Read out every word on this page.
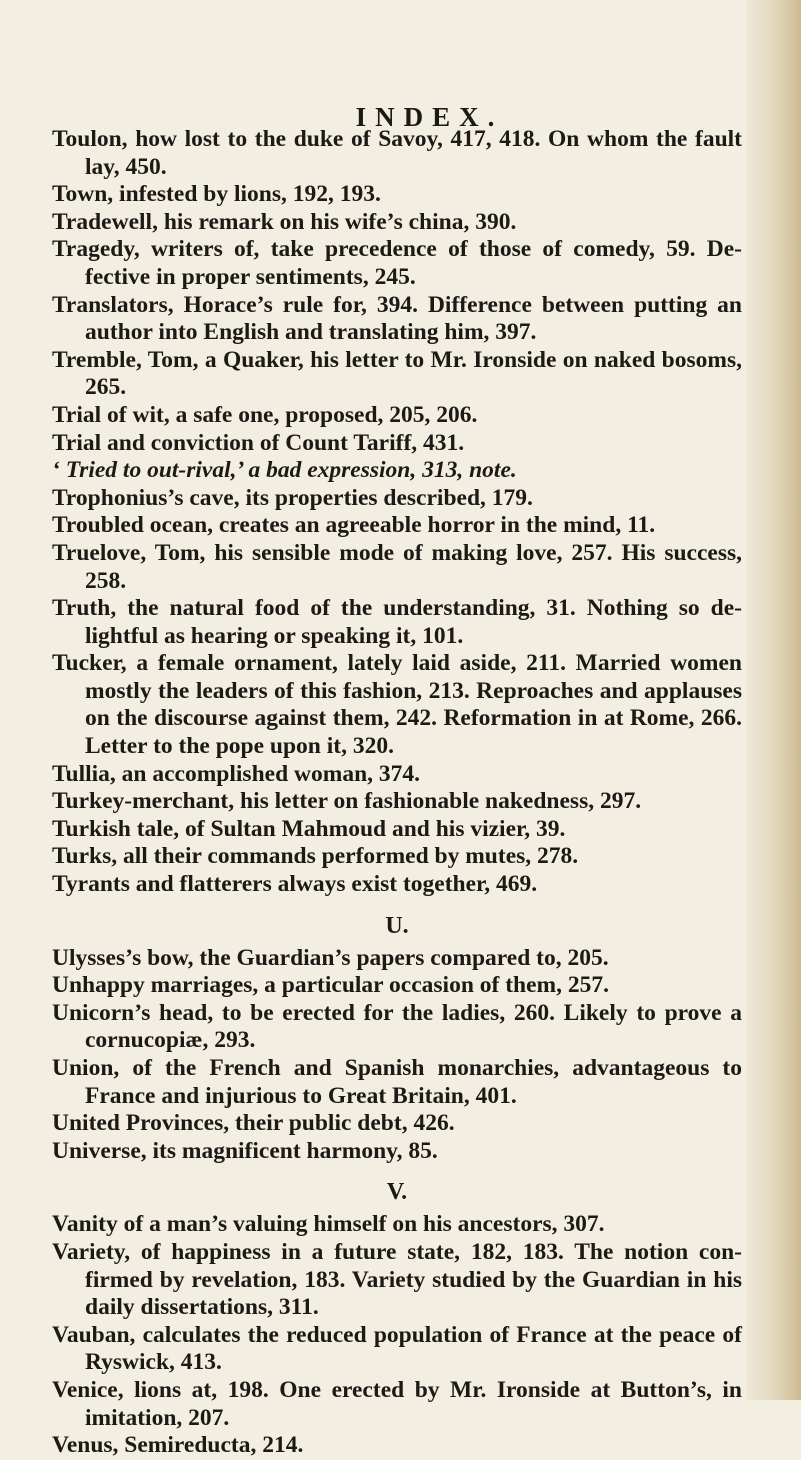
INDEX.

Toulon, how lost to the duke of Savoy, 417, 418. On whom the fault lay, 450.

Town, infested by lions, 192, 193.

Tradewell, his remark on his wife’s china, 390.

Tragedy, writers of, take precedence of those of comedy, 59. De-fective in proper sentiments, 245.

Translators, Horace’s rule for, 394. Difference between putting an author into English and translating him, 397.

Tremble, Tom, a Quaker, his letter to Mr. Ironside on naked bosoms, 265.

Trial of wit, a safe one, proposed, 205, 206.

Trial and conviction of Count Tariff, 431.

‘ Tried to out-rival,’ a bad expression, 313, note.

Trophonius’s cave, its properties described, 179.

Troubled ocean, creates an agreeable horror in the mind, 11.

Truelove, Tom, his sensible mode of making love, 257. His success, 258.

Truth, the natural food of the understanding, 31. Nothing so de-lightful as hearing or speaking it, 101.

Tucker, a female ornament, lately laid aside, 211. Married women mostly the leaders of this fashion, 213. Reproaches and applauses on the discourse against them, 242. Reformation in at Rome, 266. Letter to the pope upon it, 320.

Tullia, an accomplished woman, 374.

Turkey-merchant, his letter on fashionable nakedness, 297.

Turkish tale, of Sultan Mahmoud and his vizier, 39.

Turks, all their commands performed by mutes, 278.

Tyrants and flatterers always exist together, 469.

U.

Ulysses’s bow, the Guardian’s papers compared to, 205.

Unhappy marriages, a particular occasion of them, 257.

Unicorn’s head, to be erected for the ladies, 260. Likely to prove a cornucopiæ, 293.

Union, of the French and Spanish monarchies, advantageous to France and injurious to Great Britain, 401.

United Provinces, their public debt, 426.

Universe, its magnificent harmony, 85.

V.

Vanity of a man’s valuing himself on his ancestors, 307.

Variety, of happiness in a future state, 182, 183. The notion con-firmed by revelation, 183. Variety studied by the Guardian in his daily dissertations, 311.

Vauban, calculates the reduced population of France at the peace of Ryswick, 413.

Venice, lions at, 198. One erected by Mr. Ironside at Button’s, in imitation, 207.

Venus, Semireducta, 214.
